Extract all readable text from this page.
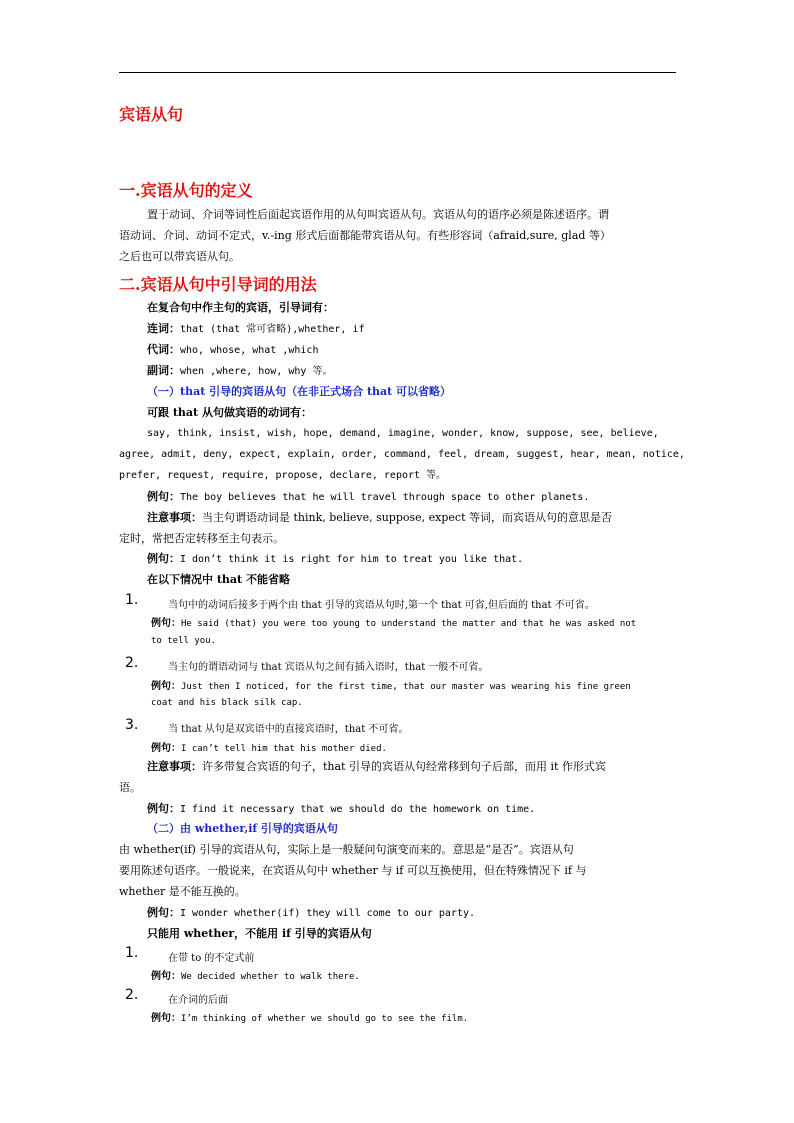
宾语从句
一.宾语从句的定义
置于动词、介词等词性后面起宾语作用的从句叫宾语从句。宾语从句的语序必须是陈述语序。谓
语动词、介词、动词不定式，v.-ing 形式后面都能带宾语从句。有些形容词（afraid,sure, glad 等）
之后也可以带宾语从句。
二.宾语从句中引导词的用法
在复合句中作主句的宾语，引导词有：
连词：that (that 常可省略),whether, if
代词：who, whose, what ,which
副词：when ,where, how, why 等。
（一）that 引导的宾语从句（在非正式场合 that 可以省略）
可跟 that 从句做宾语的动词有：
say, think, insist, wish, hope, demand, imagine, wonder, know, suppose, see, believe,
agree, admit, deny, expect, explain, order, command, feel, dream, suggest, hear, mean, notice,
prefer, request, require, propose, declare, report 等。
例句：The boy believes that he will travel through space to other planets.
注意事项：当主句谓语动词是 think, believe, suppose, expect 等词，而宾语从句的意思是否
定时，常把否定转移至主句表示。
例句：I don’t think it is right for him to treat you like that.
在以下情况中 that 不能省略
1.	当句中的动词后接多于两个由 that 引导的宾语从句时,第一个 that 可省,但后面的 that 不可省。
例句：He said (that) you were too young to understand the matter and that he was asked not
to tell you.
2.	当主句的谓语动词与 that 宾语从句之间有插入语时，that 一般不可省。
例句：Just then I noticed, for the first time, that our master was wearing his fine green
coat and his black silk cap.
3.	当 that 从句是双宾语中的直接宾语时，that 不可省。
例句：I can’t tell him that his mother died.
注意事项：许多带复合宾语的句子，that 引导的宾语从句经常移到句子后部，而用 it 作形式宾
语。
例句：I find it necessary that we should do the homework on time.
（二）由 whether,if 引导的宾语从句
由 whether(if) 引导的宾语从句，实际上是一般疑问句演变而来的。意思是“是否”。宾语从句
要用陈述句语序。一般说来，在宾语从句中 whether 与 if 可以互换使用，但在特殊情况下 if 与
whether 是不能互换的。
例句：I wonder whether(if) they will come to our party.
只能用 whether，不能用 if 引导的宾语从句
1.	在带 to 的不定式前
例句：We decided whether to walk there.
2.	在介词的后面
例句：I’m thinking of whether we should go to see the film.
